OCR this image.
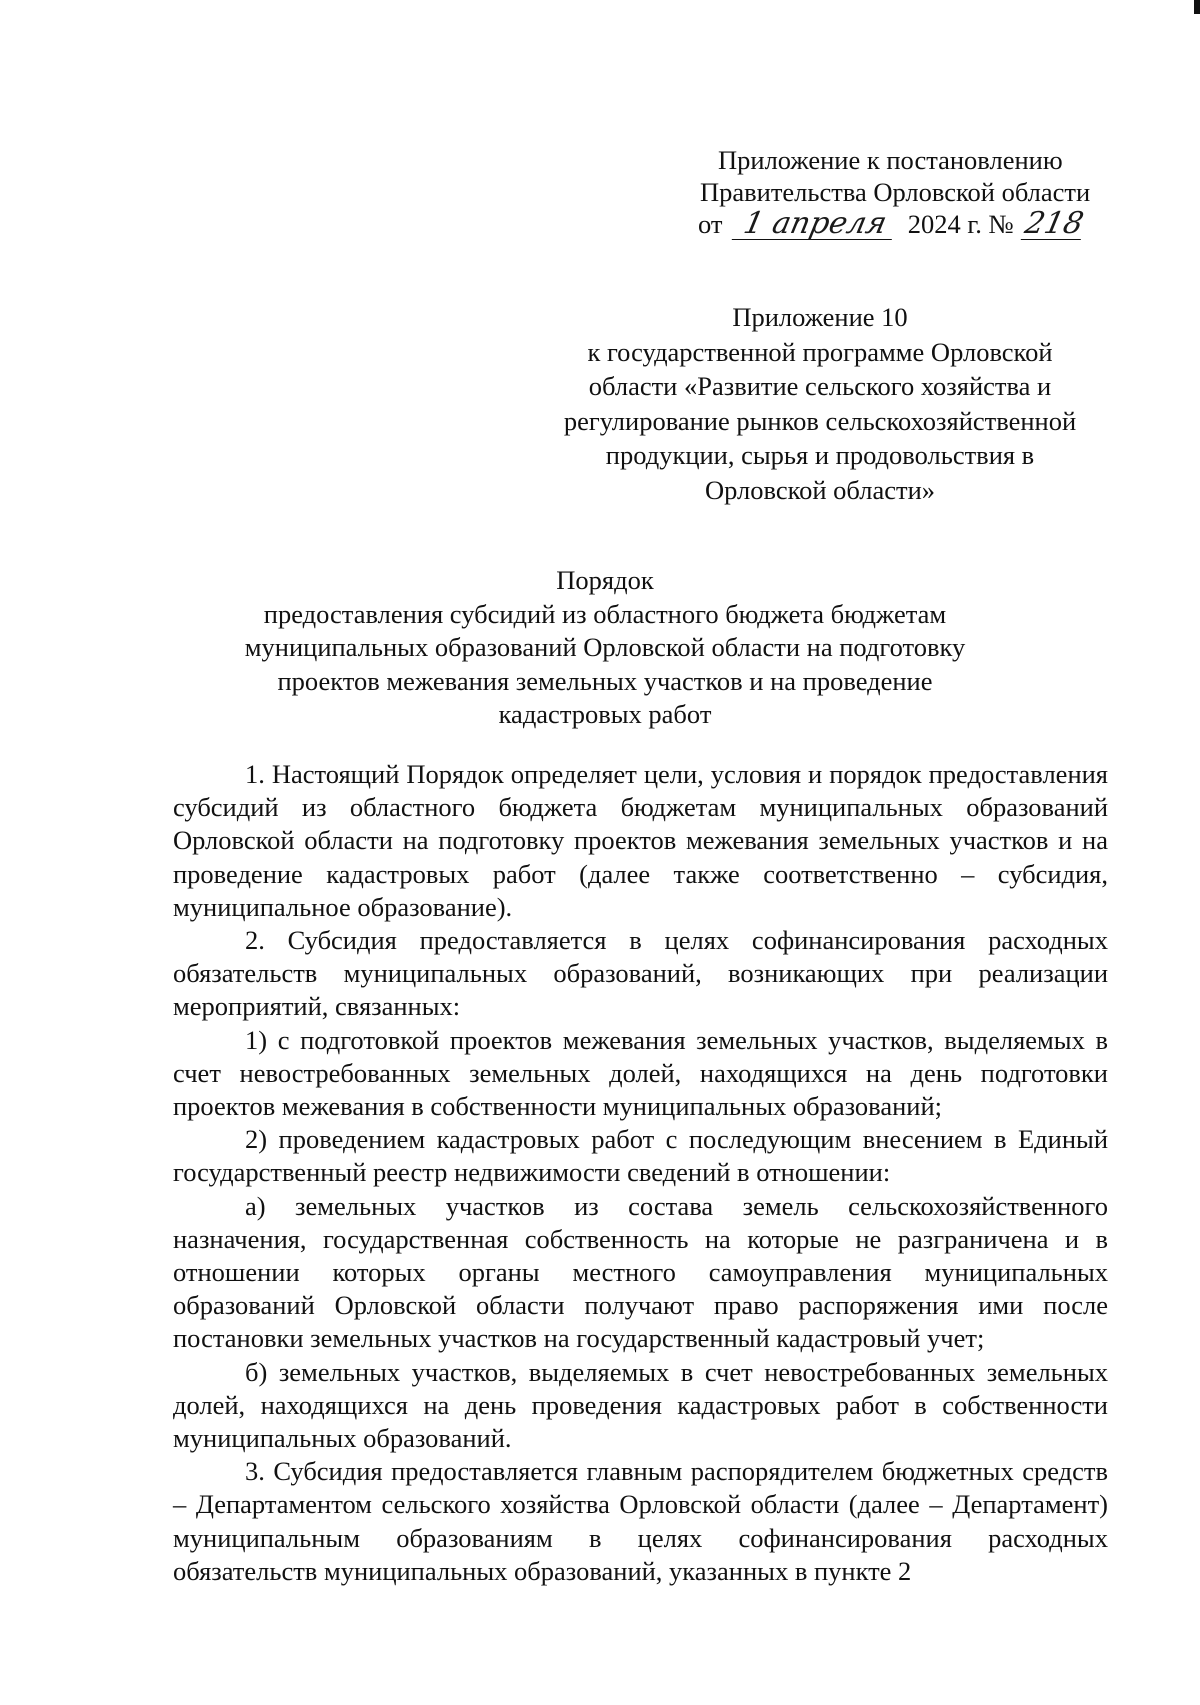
Приложение к постановлению
Правительства Орловской области
от 1 апреля 2024 г. № 218
Приложение 10
к государственной программе Орловской
области «Развитие сельского хозяйства и
регулирование рынков сельскохозяйственной
продукции, сырья и продовольствия в
Орловской области»
Порядок
предоставления субсидий из областного бюджета бюджетам
муниципальных образований Орловской области на подготовку
проектов межевания земельных участков и на проведение
кадастровых работ

1. Настоящий Порядок определяет цели, условия и порядок предоставления субсидий из областного бюджета бюджетам муниципальных образований Орловской области на подготовку проектов межевания земельных участков и на проведение кадастровых работ (далее также соответственно – субсидия, муниципальное образование).

2. Субсидия предоставляется в целях софинансирования расходных обязательств муниципальных образований, возникающих при реализации мероприятий, связанных:

1) с подготовкой проектов межевания земельных участков, выделяемых в счет невостребованных земельных долей, находящихся на день подготовки проектов межевания в собственности муниципальных образований;

2) проведением кадастровых работ с последующим внесением в Единый государственный реестр недвижимости сведений в отношении:

а) земельных участков из состава земель сельскохозяйственного назначения, государственная собственность на которые не разграничена и в отношении которых органы местного самоуправления муниципальных образований Орловской области получают право распоряжения ими после постановки земельных участков на государственный кадастровый учет;

б) земельных участков, выделяемых в счет невостребованных земельных долей, находящихся на день проведения кадастровых работ в собственности муниципальных образований.

3. Субсидия предоставляется главным распорядителем бюджетных средств – Департаментом сельского хозяйства Орловской области (далее – Департамент) муниципальным образованиям в целях софинансирования расходных обязательств муниципальных образований, указанных в пункте 2
